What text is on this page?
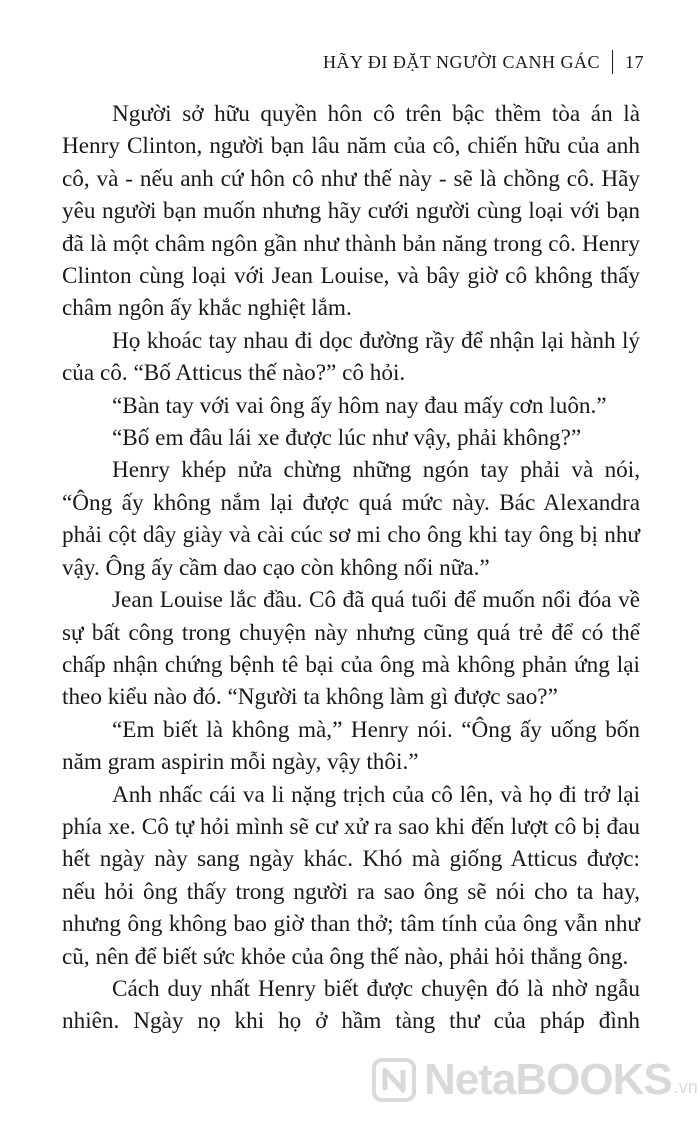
HÃY ĐI ĐẶT NGƯỜI CANH GÁC 17

Người sở hữu quyền hôn cô trên bậc thềm tòa án là Henry Clinton, người bạn lâu năm của cô, chiến hữu của anh cô, và - nếu anh cứ hôn cô như thế này - sẽ là chồng cô. Hãy yêu người bạn muốn nhưng hãy cưới người cùng loại với bạn đã là một châm ngôn gần như thành bản năng trong cô. Henry Clinton cùng loại với Jean Louise, và bây giờ cô không thấy châm ngôn ấy khắc nghiệt lắm.

Họ khoác tay nhau đi dọc đường rầy để nhận lại hành lý của cô. “Bố Atticus thế nào?” cô hỏi.

“Bàn tay với vai ông ấy hôm nay đau mấy cơn luôn.”

“Bố em đâu lái xe được lúc như vậy, phải không?”

Henry khép nửa chừng những ngón tay phải và nói, “Ông ấy không nắm lại được quá mức này. Bác Alexandra phải cột dây giày và cài cúc sơ mi cho ông khi tay ông bị như vậy. Ông ấy cầm dao cạo còn không nổi nữa.”

Jean Louise lắc đầu. Cô đã quá tuổi để muốn nổi đóa về sự bất công trong chuyện này nhưng cũng quá trẻ để có thể chấp nhận chứng bệnh tê bại của ông mà không phản ứng lại theo kiểu nào đó. “Người ta không làm gì được sao?”

“Em biết là không mà,” Henry nói. “Ông ấy uống bốn năm gram aspirin mỗi ngày, vậy thôi.”

Anh nhấc cái va li nặng trịch của cô lên, và họ đi trở lại phía xe. Cô tự hỏi mình sẽ cư xử ra sao khi đến lượt cô bị đau hết ngày này sang ngày khác. Khó mà giống Atticus được: nếu hỏi ông thấy trong người ra sao ông sẽ nói cho ta hay, nhưng ông không bao giờ than thở; tâm tính của ông vẫn như cũ, nên để biết sức khỏe của ông thế nào, phải hỏi thẳng ông.

Cách duy nhất Henry biết được chuyện đó là nhờ ngẫu nhiên. Ngày nọ khi họ ở hầm tàng thư của pháp đình

NetaBOOKS .vn
